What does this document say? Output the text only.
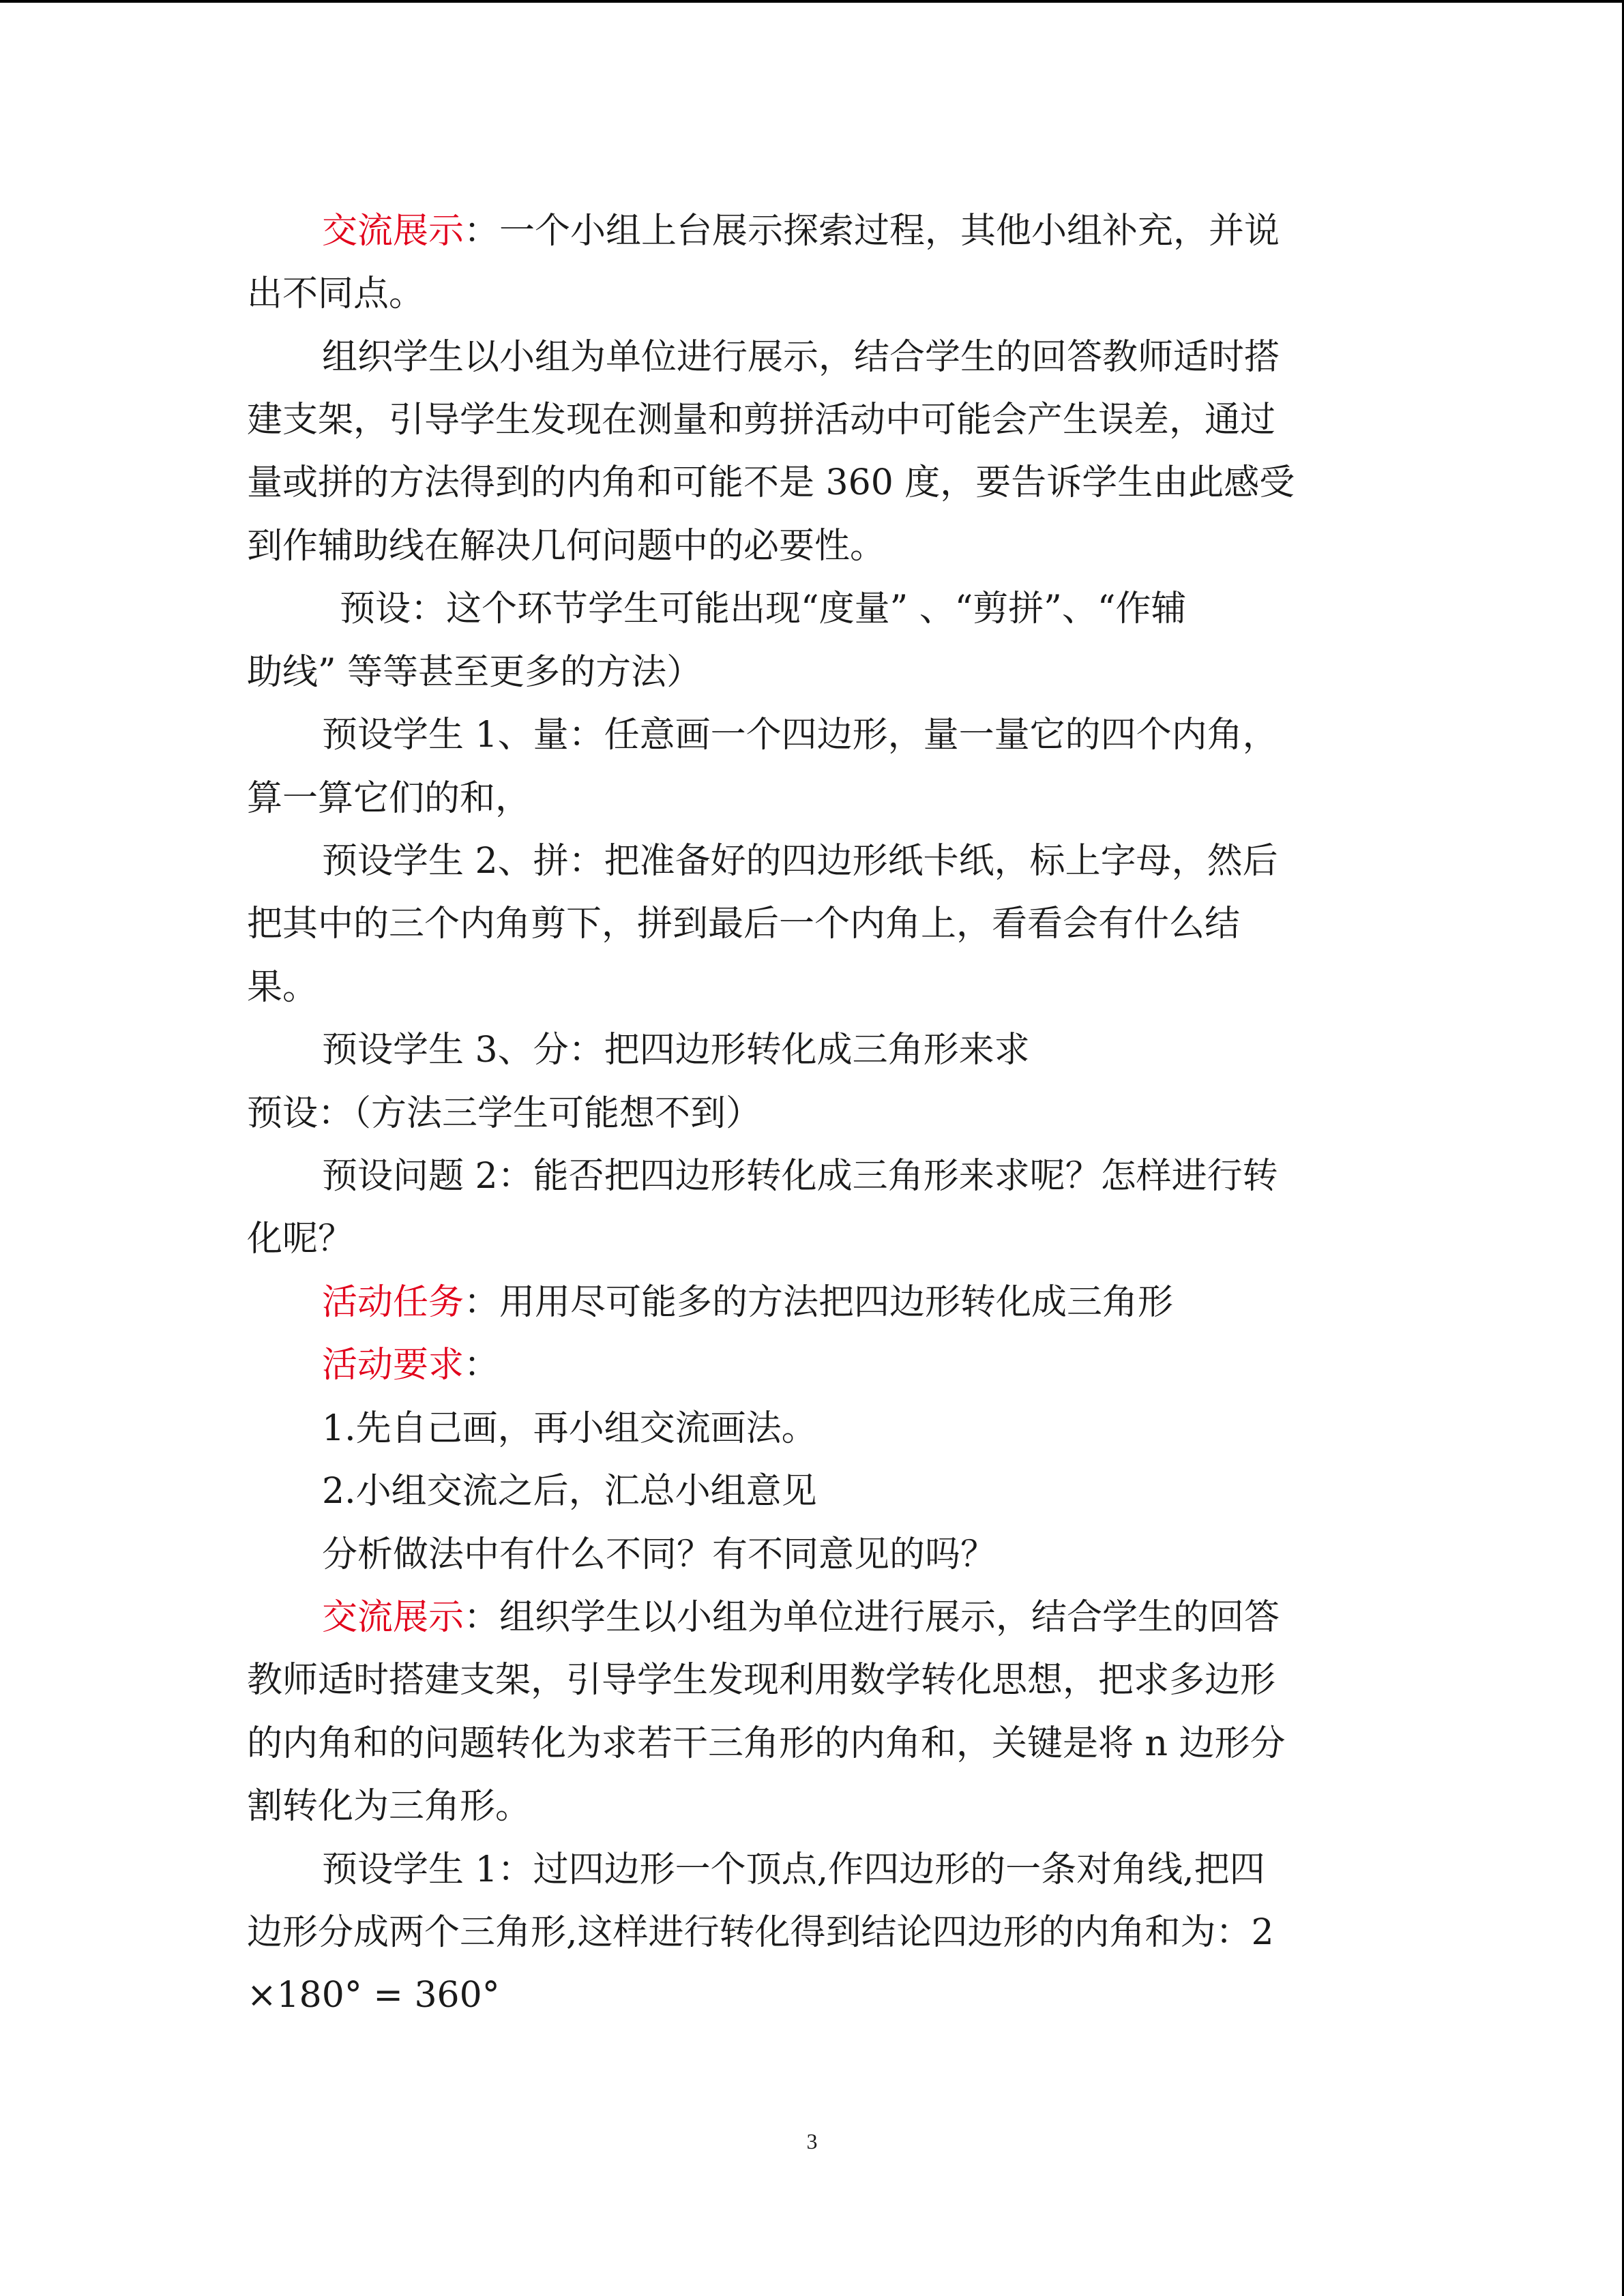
交流展示：一个小组上台展示探索过程，其他小组补充，并说
出不同点。
组织学生以小组为单位进行展示，结合学生的回答教师适时搭
建支架，引导学生发现在测量和剪拼活动中可能会产生误差，通过
量或拼的方法得到的内角和可能不是 360 度，要告诉学生由此感受
到作辅助线在解决几何问题中的必要性。
预设：这个环节学生可能出现“度量” 、“剪拼”、“作辅
助线” 等等甚至更多的方法）
预设学生 1、量：任意画一个四边形，量一量它的四个内角，
算一算它们的和，
预设学生 2、拼：把准备好的四边形纸卡纸，标上字母，然后
把其中的三个内角剪下，拼到最后一个内角上，看看会有什么结
果。
预设学生 3、分：把四边形转化成三角形来求
预设：（方法三学生可能想不到）
预设问题 2：能否把四边形转化成三角形来求呢？怎样进行转
化呢？
活动任务：用用尽可能多的方法把四边形转化成三角形
活动要求：
1.先自己画，再小组交流画法。
2.小组交流之后，汇总小组意见
分析做法中有什么不同？有不同意见的吗？
交流展示：组织学生以小组为单位进行展示，结合学生的回答
教师适时搭建支架，引导学生发现利用数学转化思想，把求多边形
的内角和的问题转化为求若干三角形的内角和，关键是将 n 边形分
割转化为三角形。
预设学生 1：过四边形一个顶点,作四边形的一条对角线,把四
边形分成两个三角形,这样进行转化得到结论四边形的内角和为：2
×180° = 360°
3
